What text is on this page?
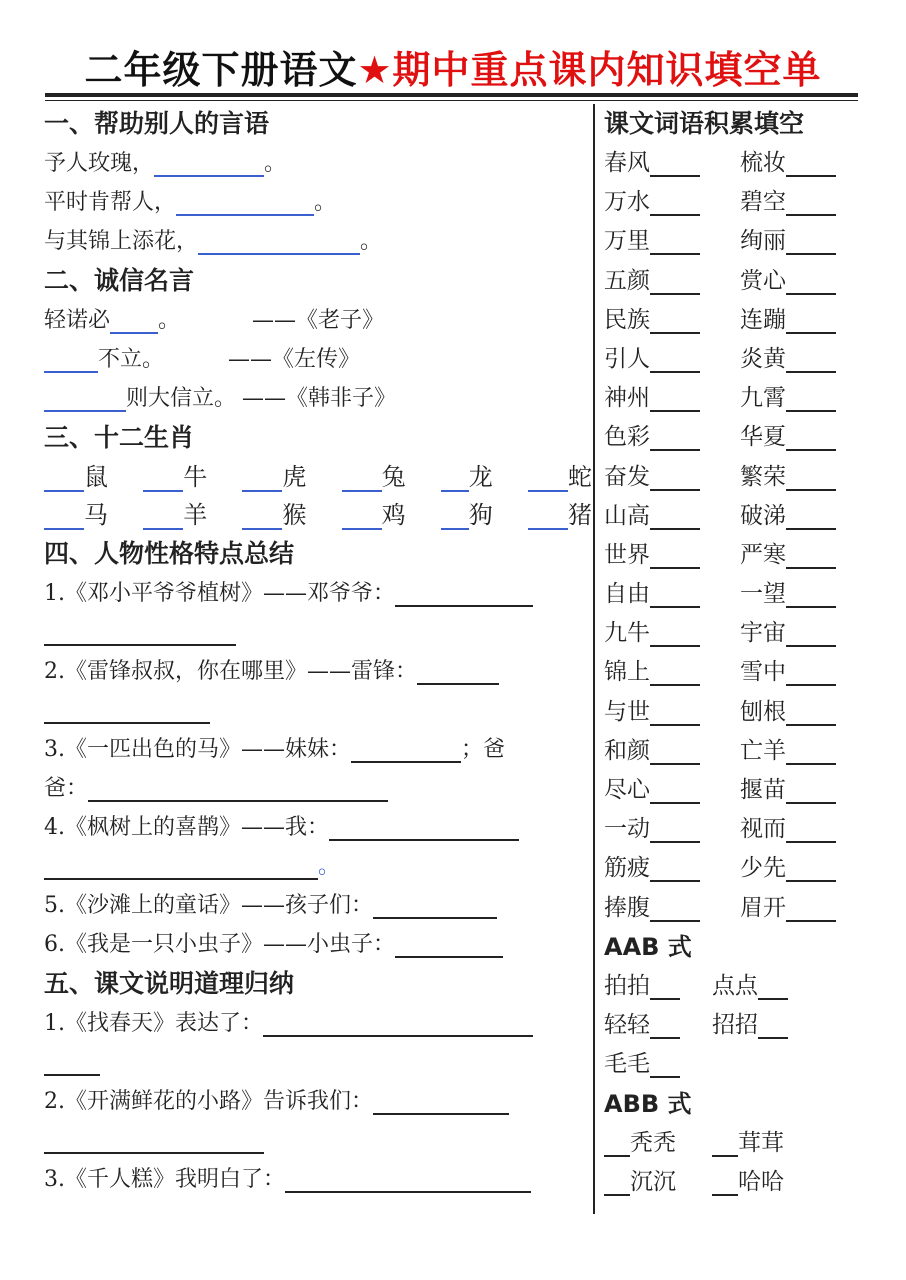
二年级下册语文★期中重点课内知识填空单
一、帮助别人的言语
予人玫瑰，	。
平时肯帮人，	。
与其锦上添花，	。
二、诚信名言
轻诺必 。	——《老子》
不立。	——《左传》
则大信立。 ——《韩非子》
三、十二生肖
鼠	牛	虎	兔	龙	蛇
马	羊	猴	鸡	狗	猪
四、人物性格特点总结
1.《邓小平爷爷植树》——邓爷爷：
2.《雷锋叔叔，你在哪里》——雷锋：
3.《一匹出色的马》——妹妹：	；爸
爸：
4.《枫树上的喜鹊》——我：
。
5.《沙滩上的童话》——孩子们：
6.《我是一只小虫子》——小虫子：
五、课文说明道理归纳
1.《找春天》表达了：
2.《开满鲜花的小路》告诉我们：
3.《千人糕》我明白了：
课文词语积累填空
春风	梳妆
万水	碧空
万里	绚丽
五颜	赏心
民族	连蹦
引人	炎黄
神州	九霄
色彩	华夏
奋发	繁荣
山高	破涕
世界	严寒
自由	一望
九牛	宇宙
锦上	雪中
与世	刨根
和颜	亡羊
尽心	揠苗
一动	视而
筋疲	少先
捧腹	眉开
AAB 式
拍拍	点点
轻轻	招招
毛毛
ABB 式
秃秃	茸茸
沉沉	哈哈
